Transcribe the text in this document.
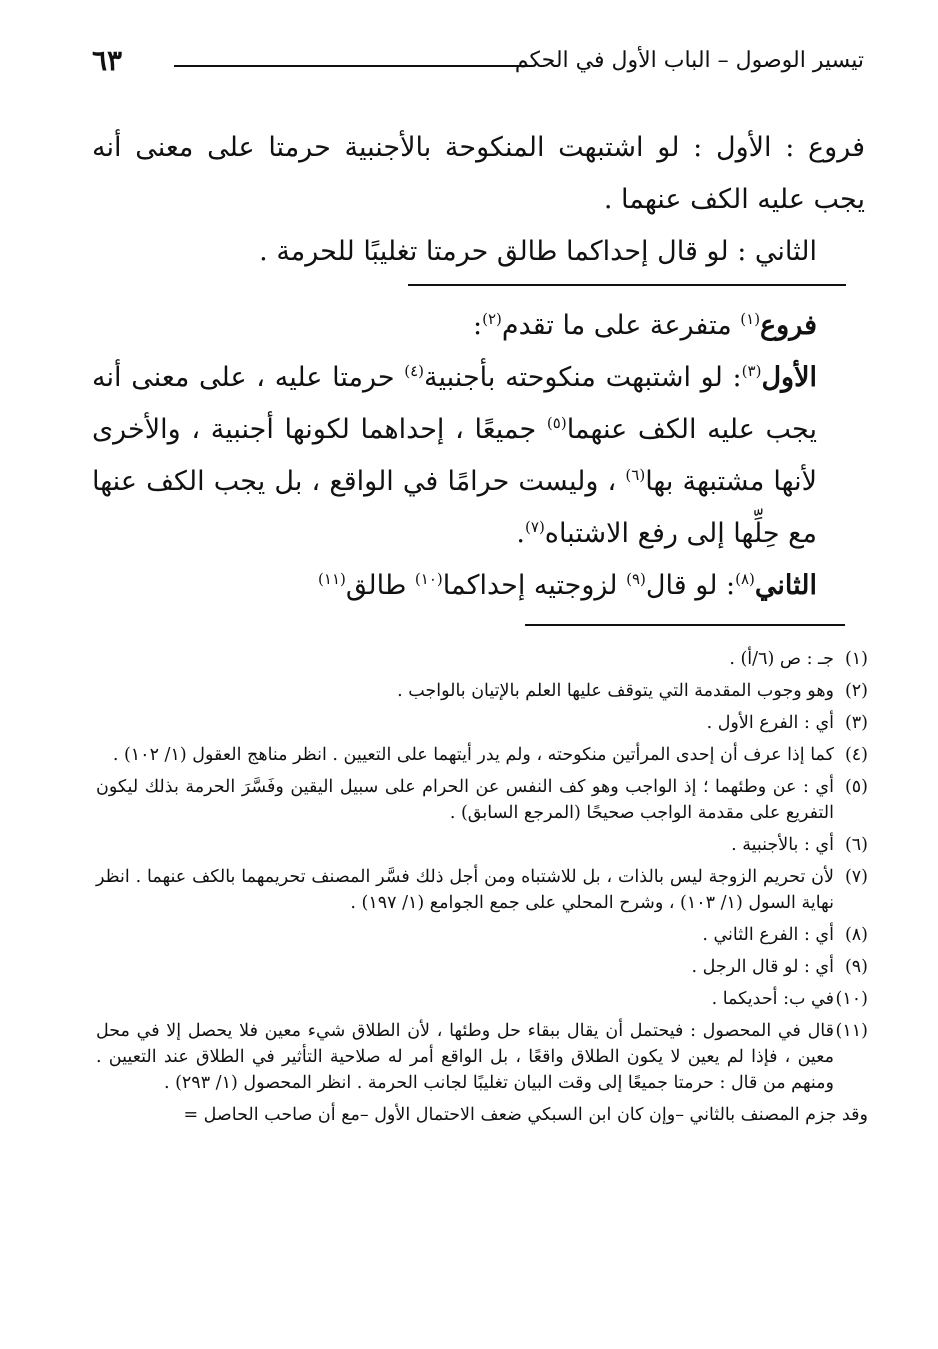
تيسير الوصول – الباب الأول في الحكم
٦٣

فروع : الأول : لو اشتبهت المنكوحة بالأجنبية حرمتا على معنى أنه يجب عليه الكف عنهما .

الثاني : لو قال إحداكما طالق حرمتا تغليبًا للحرمة .

فروع$^{(١)}$ متفرعة على ما تقدم$^{(٢)}$:

الأول$^{(٣)}$: لو اشتبهت منكوحته بأجنبية$^{(٤)}$ حرمتا عليه ، على معنى أنه يجب عليه الكف عنهما$^{(٥)}$ جميعًا ، إحداهما لكونها أجنبية ، والأخرى لأنها مشتبهة بها$^{(٦)}$ ، وليست حرامًا في الواقع ، بل يجب الكف عنها مع حِلِّها إلى رفع الاشتباه$^{(٧)}$.

الثاني$^{(٨)}$: لو قال$^{(٩)}$ لزوجتيه إحداكما$^{(١٠)}$ طالق$^{(١١)}$

(١)
جـ : ص (٦/أ) .

(٢)
وهو وجوب المقدمة التي يتوقف عليها العلم بالإتيان بالواجب .

(٣)
أي : الفرع الأول .

(٤)
كما إذا عرف أن إحدى المرأتين منكوحته ، ولم يدر أيتهما على التعيين . انظر مناهج العقول (١/ ١٠٢) .

(٥)
أي : عن وطئهما ؛ إذ الواجب وهو كف النفس عن الحرام على سبيل اليقين وفَسَّرَ الحرمة بذلك ليكون التفريع على مقدمة الواجب صحيحًا (المرجع السابق) .

(٦)
أي : بالأجنبية .

(٧)
لأن تحريم الزوجة ليس بالذات ، بل للاشتباه ومن أجل ذلك فسَّر المصنف تحريمهما بالكف عنهما . انظر نهاية السول (١/ ١٠٣) ، وشرح المحلي على جمع الجوامع (١/ ١٩٧) .

(٨)
أي : الفرع الثاني .

(٩)
أي : لو قال الرجل .

(١٠)
في ب: أحديكما .

(١١)
قال في المحصول : فيحتمل أن يقال ببقاء حل وطئها ، لأن الطلاق شيء معين فلا يحصل إلا في محل معين ، فإذا لم يعين لا يكون الطلاق واقعًا ، بل الواقع أمر له صلاحية التأثير في الطلاق عند التعيين . ومنهم من قال : حرمتا جميعًا إلى وقت البيان تغليبًا لجانب الحرمة . انظر المحصول (١/ ٢٩٣) .

وقد جزم المصنف بالثاني –وإن كان ابن السبكي ضعف الاحتمال الأول –مع أن صاحب الحاصل =
